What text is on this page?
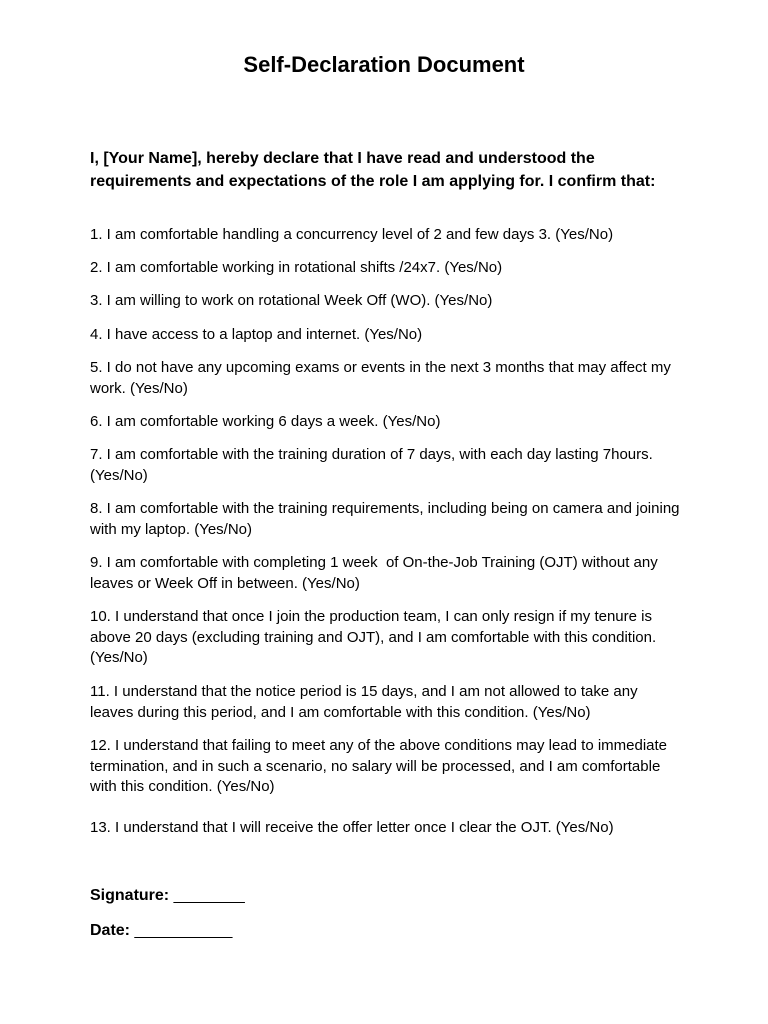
Self-Declaration Document
I, [Your Name], hereby declare that I have read and understood the requirements and expectations of the role I am applying for. I confirm that:
1. I am comfortable handling a concurrency level of 2 and few days 3. (Yes/No)
2. I am comfortable working in rotational shifts /24x7. (Yes/No)
3. I am willing to work on rotational Week Off (WO). (Yes/No)
4. I have access to a laptop and internet. (Yes/No)
5. I do not have any upcoming exams or events in the next 3 months that may affect my work. (Yes/No)
6. I am comfortable working 6 days a week. (Yes/No)
7. I am comfortable with the training duration of 7 days, with each day lasting 7hours. (Yes/No)
8. I am comfortable with the training requirements, including being on camera and joining with my laptop. (Yes/No)
9. I am comfortable with completing 1 week  of On-the-Job Training (OJT) without any leaves or Week Off in between. (Yes/No)
10. I understand that once I join the production team, I can only resign if my tenure is above 20 days (excluding training and OJT), and I am comfortable with this condition. (Yes/No)
11. I understand that the notice period is 15 days, and I am not allowed to take any leaves during this period, and I am comfortable with this condition. (Yes/No)
12. I understand that failing to meet any of the above conditions may lead to immediate termination, and in such a scenario, no salary will be processed, and I am comfortable with this condition. (Yes/No)
13. I understand that I will receive the offer letter once I clear the OJT. (Yes/No)
Signature: ________
Date: ___________
